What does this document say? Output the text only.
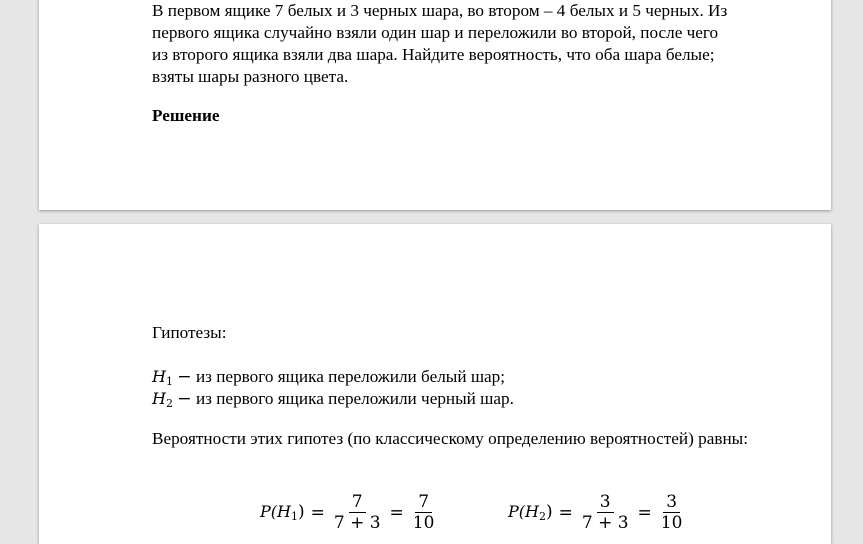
В первом ящике 7 белых и 3 черных шара, во втором – 4 белых и 5 черных. Из

первого ящика случайно взяли один шар и переложили во второй, после чего

из второго ящика взяли два шара. Найдите вероятность, что оба шара белые;

взяты шары разного цвета.

Решение
Гипотезы:
$H_1$ − из первого ящика переложили белый шар;
$H_2$ − из первого ящика переложили черный шар.
Вероятности этих гипотез (по классическому определению вероятностей) равны:
$P(H_1) = \frac{7}{7 + 3} = \frac{7}{10}$	$P(H_2) = \frac{3}{7 + 3} = \frac{3}{10}$
